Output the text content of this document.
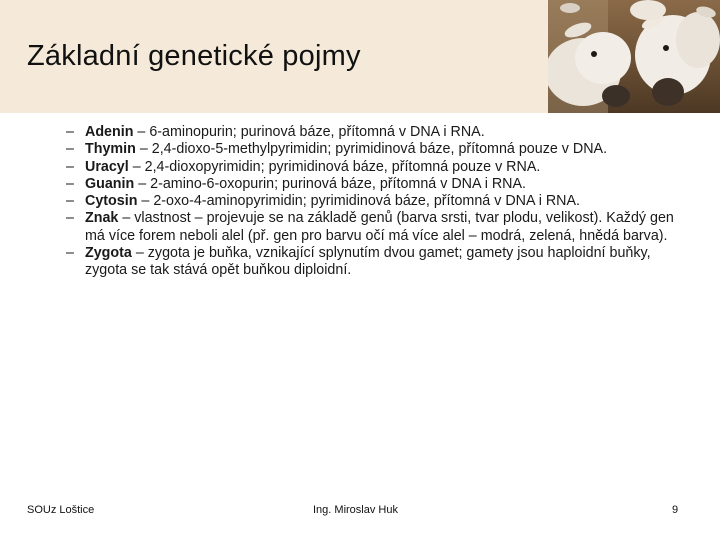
Základní genetické pojmy
– Adenin – 6-aminopurin; purinová báze, přítomná v DNA i RNA.
– Thymin – 2,4-dioxo-5-methylpyrimidin; pyrimidinová báze, přítomná pouze v DNA.
– Uracyl – 2,4-dioxopyrimidin; pyrimidinová báze, přítomná pouze v RNA.
– Guanin – 2-amino-6-oxopurin; purinová báze, přítomná v DNA i RNA.
– Cytosin – 2-oxo-4-aminopyrimidin; pyrimidinová báze, přítomná v DNA i RNA.
– Znak – vlastnost – projevuje se na základě genů (barva srsti, tvar plodu, velikost). Každý gen má více forem neboli alel (př. gen pro barvu očí má více alel – modrá, zelená, hnědá barva).
– Zygota – zygota je buňka, vznikající splynutím dvou gamet; gamety jsou haploidní buňky, zygota se tak stává opět buňkou diploidní.
SOUz Loštice	Ing. Miroslav Huk	9
